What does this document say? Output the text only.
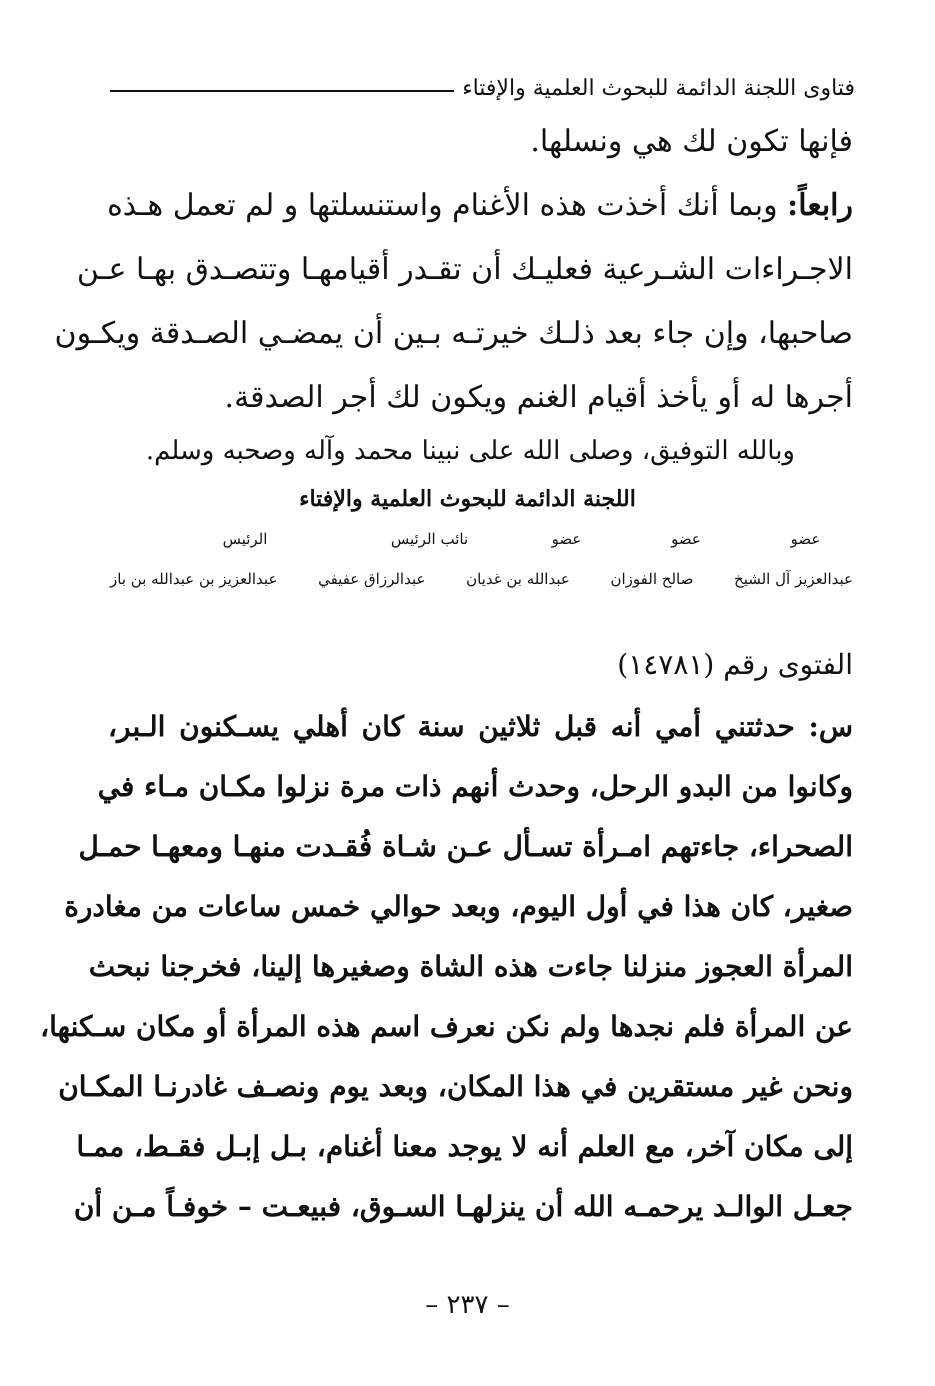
فتاوى اللجنة الدائمة للبحوث العلمية والإفتاء
فإنها تكون لك هي ونسلها.
رابعاً: وبما أنك أخذت هذه الأغنام واستنسلتها و لم تعمل هـذه
الاجـراءات الشـرعية فعليـك أن تقـدر أقيامهـا وتتصـدق بهـا عـن
صاحبها، وإن جاء بعد ذلـك خيرتـه بـين أن يمضـي الصـدقة ويكـون
أجرها له أو يأخذ أقيام الغنم ويكون لك أجر الصدقة.
وبالله التوفيق، وصلى الله على نبينا محمد وآله وصحبه وسلم.
اللجنة الدائمة للبحوث العلمية والإفتاء
عضو
عضو
عضو
نائب الرئيس
الرئيس
عبدالعزيز آل الشيخ
صالح الفوزان
عبدالله بن غديان
عبدالرزاق عفيفي
عبدالعزيز بن عبدالله بن باز
الفتوى رقم (١٤٧٨١)
س: حدثتني أمي أنه قبل ثلاثين سنة كان أهلي يسـكنون الـبر،
وكانوا من البدو الرحل، وحدث أنهم ذات مرة نزلوا مكـان مـاء في
الصحراء، جاءتهم امـرأة تسـأل عـن شـاة فُقـدت منهـا ومعهـا حمـل
صغير، كان هذا في أول اليوم، وبعد حوالي خمس ساعات من مغادرة
المرأة العجوز منزلنا جاءت هذه الشاة وصغيرها إلينا، فخرجنا نبحث
عن المرأة فلم نجدها ولم نكن نعرف اسم هذه المرأة أو مكان سـكنها،
ونحن غير مستقرين في هذا المكان، وبعد يوم ونصـف غادرنـا المكـان
إلى مكان آخر، مع العلم أنه لا يوجد معنا أغنام، بـل إبـل فقـط، ممـا
جعـل الوالـد يرحمـه الله أن ينزلهـا السـوق، فبيعـت – خوفـاً مـن أن
– ٢٣٧ –
